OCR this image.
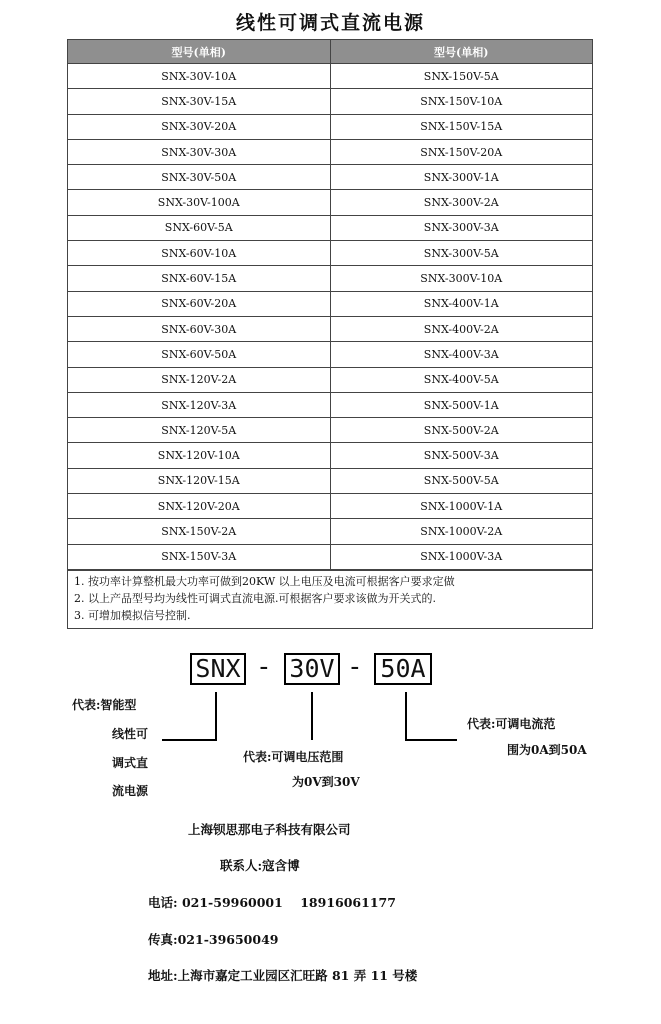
线性可调式直流电源
型号(单相)	型号(单相)
SNX-30V-10A	SNX-150V-5A
SNX-30V-15A	SNX-150V-10A
SNX-30V-20A	SNX-150V-15A
SNX-30V-30A	SNX-150V-20A
SNX-30V-50A	SNX-300V-1A
SNX-30V-100A	SNX-300V-2A
SNX-60V-5A	SNX-300V-3A
SNX-60V-10A	SNX-300V-5A
SNX-60V-15A	SNX-300V-10A
SNX-60V-20A	SNX-400V-1A
SNX-60V-30A	SNX-400V-2A
SNX-60V-50A	SNX-400V-3A
SNX-120V-2A	SNX-400V-5A
SNX-120V-3A	SNX-500V-1A
SNX-120V-5A	SNX-500V-2A
SNX-120V-10A	SNX-500V-3A
SNX-120V-15A	SNX-500V-5A
SNX-120V-20A	SNX-1000V-1A
SNX-150V-2A	SNX-1000V-2A
SNX-150V-3A	SNX-1000V-3A
1. 按功率计算整机最大功率可做到20KW 以上电压及电流可根据客户要求定做
2. 以上产品型号均为线性可调式直流电源.可根据客户要求该做为开关式的.
3. 可增加模拟信号控制.
SNX - 30V - 50A
代表:智能型
线性可
调式直
流电源
代表:可调电压范围
为0V到30V
代表:可调电流范
围为0A到50A
上海钡思那电子科技有限公司
联系人:寇含博
电话: 021-59960001    18916061177
传真:021-39650049
地址:上海市嘉定工业园区汇旺路 81 弄 11 号楼
